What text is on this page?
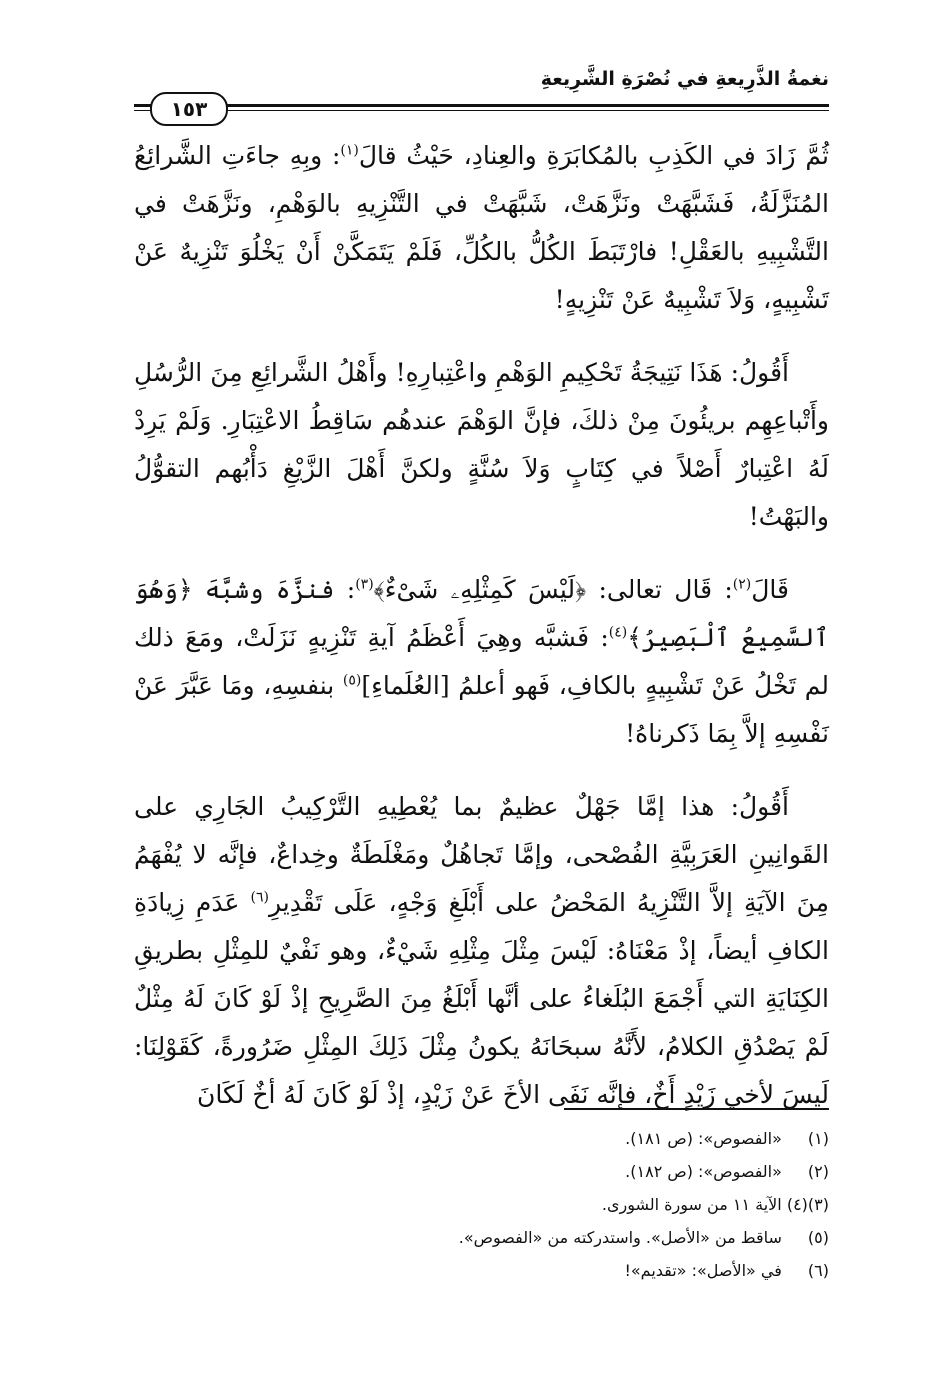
نغمةُ الذَّرِيعةِ في نُصْرَةِ الشَّرِيعةِ
١٥٣

ثُمَّ زَادَ في الكَذِبِ بالمُكابَرَةِ والعِنادِ، حَيْثُ قالَ$^{(١)}$: وبِهِ جاءَتِ الشَّرائِعُ المُنَزَّلَةُ، فَشَبَّهَتْ ونَزَّهَتْ، شَبَّهَتْ في التَّنْزِيهِ بالوَهْمِ، ونَزَّهَتْ في التَّشْبِيهِ بالعَقْلِ! فارْتَبَطَ الكُلُّ بالكُلِّ، فَلَمْ يَتَمَكَّنْ أَنْ يَخْلُوَ تَنْزِيهٌ عَنْ تَشْبِيهٍ، وَلاَ تَشْبِيهٌ عَنْ تَنْزِيهٍ!

أَقُولُ: هَذَا نَتِيجَةُ تَحْكِيمِ الوَهْمِ واعْتِبارِهِ! وأَهْلُ الشَّرائِعِ مِنَ الرُّسُلِ وأَتْباعِهِم بريئُونَ مِنْ ذلكَ، فإنَّ الوَهْمَ عندهُم سَاقِطُ الاعْتِبَارِ. وَلَمْ يَرِدْ لَهُ اعْتِبارٌ أَصْلاً في كِتَابٍ وَلاَ سُنَّةٍ ولكنَّ أَهْلَ الزَّيْغِ دَأْبُهم التقوُّلُ والبَهْتُ!

قَالَ$^{(٢)}$: قَال تعالى: ﴿لَيْسَ كَمِثْلِهِۦ شَىْءٌ﴾$^{(٣)}$: فنزَّهَ وشبَّهَ ﴿وَهُوَ ٱلسَّمِيعُ ٱلْبَصِيرُ﴾$^{(٤)}$: فَشبَّه وهِيَ أَعْظَمُ آيةِ تَنْزِيهٍ نَزَلَتْ، ومَعَ ذلك لم تَخْلُ عَنْ تَشْبِيهٍ بالكافِ، فَهو أعلمُ [العُلَماءِ]$^{(٥)}$ بنفسِهِ، ومَا عَبَّرَ عَنْ نَفْسِهِ إلاَّ بِمَا ذَكرناهُ!

أَقُولُ: هذا إمَّا جَهْلٌ عظيمٌ بما يُعْطِيهِ التَّرْكِيبُ الجَارِي على القَوانِينِ العَرَبِيَّةِ الفُصْحى، وإمَّا تَجاهُلٌ ومَغْلَطَةٌ وخِداعٌ، فإنَّه لا يُفْهَمُ مِنَ الآيَةِ إلاَّ التَّنْزِيهُ المَحْضُ على أَبْلَغِ وَجْهٍ، عَلَى تَقْدِيرِ$^{(٦)}$ عَدَمِ زِيادَةِ الكافِ أيضاً، إذْ مَعْنَاهُ: لَيْسَ مِثْلَ مِثْلِهِ شَيْءٌ، وهو نَفْيٌ للمِثْلِ بطريقِ الكِنَايَةِ التي أَجْمَعَ البُلَغاءُ على أنَّها أَبْلَغُ مِنَ الصَّرِيحِ إذْ لَوْ كَانَ لَهُ مِثْلٌ لَمْ يَصْدُقِ الكلامُ، لأَنَّهُ سبحَانَهُ يكونُ مِثْلَ ذَلِكَ المِثْلِ ضَرُورةً، كَقَوْلِنَا: لَيسَ لأخي زَيْدٍ أَخٌ، فإنَّه نَفَى الأخَ عَنْ زَيْدٍ، إذْ لَوْ كَانَ لَهُ أخٌ لَكَانَ

(١) «الفصوص»: (ص ١٨١).
(٢) «الفصوص»: (ص ١٨٢).
(٣)(٤) الآية ١١ من سورة الشورى.
(٥) ساقط من «الأصل». واستدركته من «الفصوص».
(٦) في «الأصل»: «تقديم»!
